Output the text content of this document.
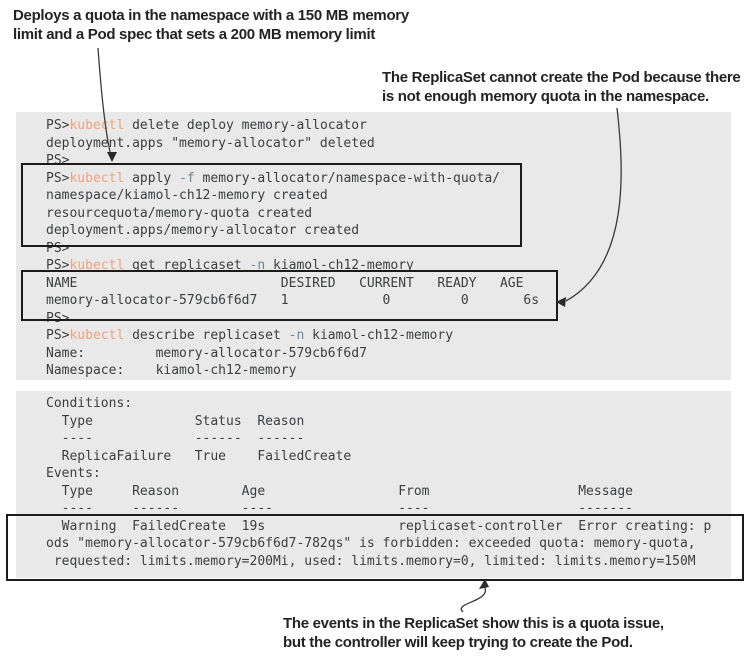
Deploys a quota in the namespace with a 150 MB memory
limit and a Pod spec that sets a 200 MB memory limit
The ReplicaSet cannot create the Pod because there
is not enough memory quota in the namespace.
The events in the ReplicaSet show this is a quota issue,
but the controller will keep trying to create the Pod.
PS>kubectl delete deploy memory-allocator
deployment.apps "memory-allocator" deleted
PS>
PS>kubectl apply -f memory-allocator/namespace-with-quota/
namespace/kiamol-ch12-memory created
resourcequota/memory-quota created
deployment.apps/memory-allocator created
PS>
PS>kubectl get replicaset -n kiamol-ch12-memory
NAME                          DESIRED   CURRENT   READY   AGE
memory-allocator-579cb6f6d7   1            0         0       6s
PS>
PS>kubectl describe replicaset -n kiamol-ch12-memory
Name:         memory-allocator-579cb6f6d7
Namespace:    kiamol-ch12-memory
Conditions:
Type             Status  Reason
----             ------  ------
ReplicaFailure   True    FailedCreate
Events:
Type     Reason        Age                 From                   Message
----     ------        ----                ----                   -------
Warning  FailedCreate  19s                 replicaset-controller  Error creating: p
ods "memory-allocator-579cb6f6d7-782qs" is forbidden: exceeded quota: memory-quota,
requested: limits.memory=200Mi, used: limits.memory=0, limited: limits.memory=150M
